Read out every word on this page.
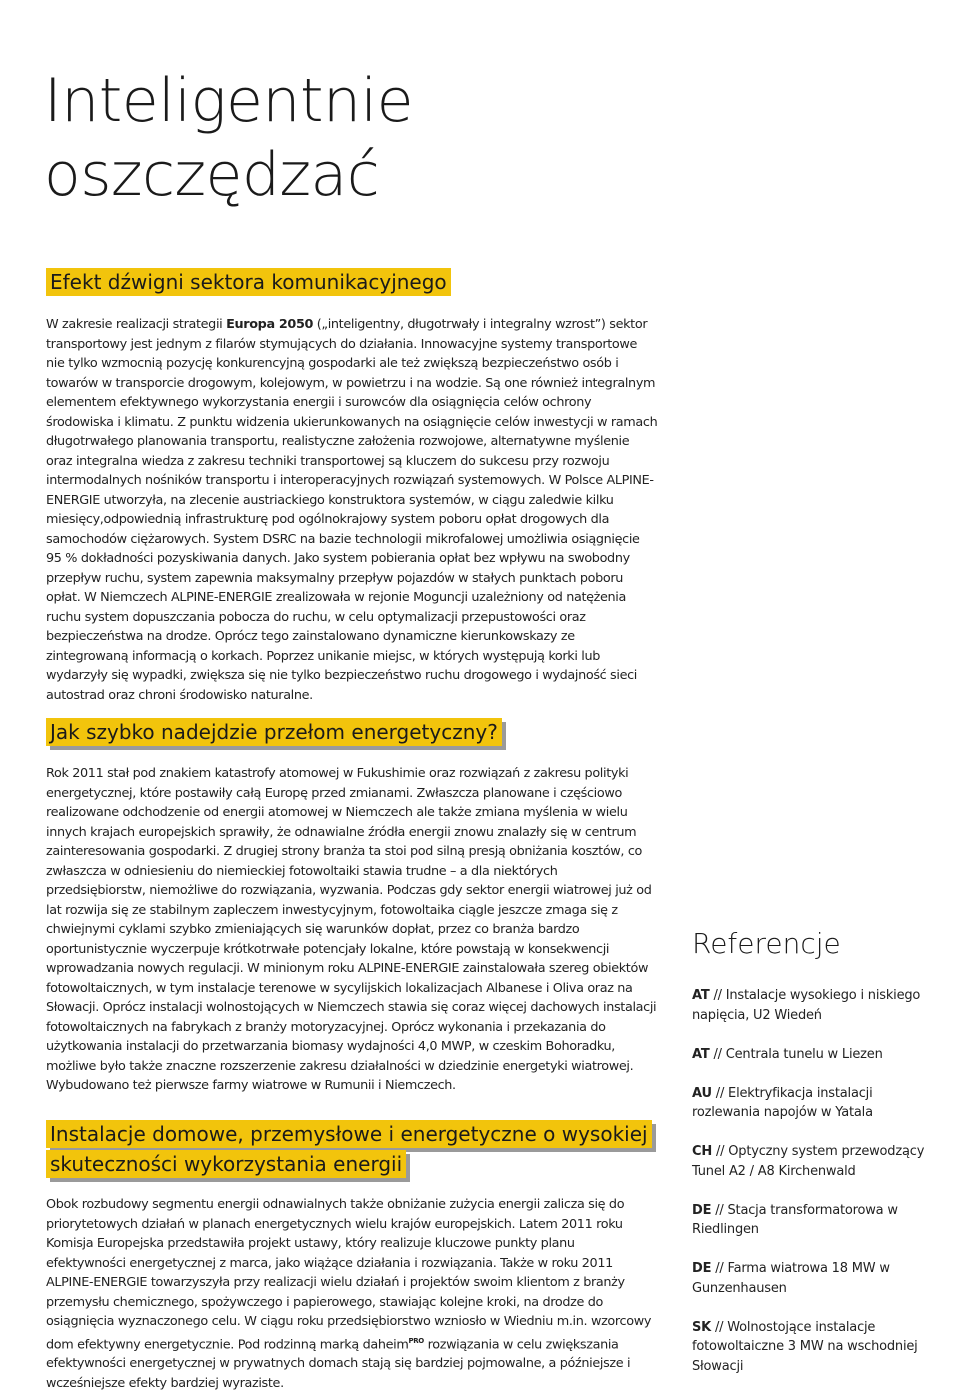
Inteligentnie
oszczędzać
Efekt dźwigni sektora komunikacyjnego

W zakresie realizacji strategii Europa 2050 („inteligentny, długotrwały i integralny wzrost”) sektor transportowy jest jednym z filarów stymujących do działania. Innowacyjne systemy transportowe nie tylko wzmocnią pozycję konkurencyjną gospodarki ale też zwiększą bezpieczeństwo osób i towarów w transporcie drogowym, kolejowym, w powietrzu i na wodzie. Są one również integralnym elementem efektywnego wykorzystania energii i surowców dla osiągnięcia celów ochrony środowiska i klimatu. Z punktu widzenia ukierunkowanych na osiągnięcie celów inwestycji w ramach długotrwałego planowania transportu, realistyczne założenia rozwojowe, alternatywne myślenie oraz integralna wiedza z zakresu techniki transportowej są kluczem do sukcesu przy rozwoju intermodalnych nośników transportu i interoperacyjnych rozwiązań systemowych. W Polsce ALPINE-ENERGIE utworzyła, na zlecenie austriackiego konstruktora systemów, w ciągu zaledwie kilku miesięcy,odpowiednią infrastrukturę pod ogólnokrajowy system poboru opłat drogowych dla samochodów ciężarowych. System DSRC na bazie technologii mikrofalowej umożliwia osiągnięcie 95 % dokładności pozyskiwania danych. Jako system pobierania opłat bez wpływu na swobodny przepływ ruchu, system zapewnia maksymalny przepływ pojazdów w stałych punktach poboru opłat. W Niemczech ALPINE-ENERGIE zrealizowała w rejonie Moguncji uzależniony od natężenia ruchu system dopuszczania pobocza do ruchu, w celu optymalizacji przepustowości oraz bezpieczeństwa na drodze. Oprócz tego zainstalowano dynamiczne kierunkowskazy ze zintegrowaną informacją o korkach. Poprzez unikanie miejsc, w których występują korki lub wydarzyły się wypadki, zwiększa się nie tylko bezpieczeństwo ruchu drogowego i wydajność sieci autostrad oraz chroni środowisko naturalne.

Jak szybko nadejdzie przełom energetyczny?

Rok 2011 stał pod znakiem katastrofy atomowej w Fukushimie oraz rozwiązań z zakresu polityki energetycznej, które postawiły całą Europę przed zmianami. Zwłaszcza planowane i częściowo realizowane odchodzenie od energii atomowej w Niemczech ale także zmiana myślenia w wielu innych krajach europejskich sprawiły, że odnawialne źródła energii znowu znalazły się w centrum zainteresowania gospodarki. Z drugiej strony branża ta stoi pod silną presją obniżania kosztów, co zwłaszcza w odniesieniu do niemieckiej fotowoltaiki stawia trudne – a dla niektórych przedsiębiorstw, niemożliwe do rozwiązania, wyzwania. Podczas gdy sektor energii wiatrowej już od lat rozwija się ze stabilnym zapleczem inwestycyjnym, fotowoltaika ciągle jeszcze zmaga się z chwiejnymi cyklami szybko zmieniających się warunków dopłat, przez co branża bardzo oportunistycznie wyczerpuje krótkotrwałe potencjały lokalne, które powstają w konsekwencji wprowadzania nowych regulacji. W minionym roku ALPINE-ENERGIE zainstalowała szereg obiektów fotowoltaicznych, w tym instalacje terenowe w sycylijskich lokalizacjach Albanese i Oliva oraz na Słowacji. Oprócz instalacji wolnostojących w Niemczech stawia się coraz więcej dachowych instalacji fotowoltaicznych na fabrykach z branży motoryzacyjnej. Oprócz wykonania i przekazania do użytkowania instalacji do przetwarzania biomasy wydajności 4,0 MWP, w czeskim Bohoradku, możliwe było także znaczne rozszerzenie zakresu działalności w dziedzinie energetyki wiatrowej. Wybudowano też pierwsze farmy wiatrowe w Rumunii i Niemczech.

Instalacje domowe, przemysłowe i energetyczne o wysokiej
skuteczności wykorzystania energii

Obok rozbudowy segmentu energii odnawialnych także obniżanie zużycia energii zalicza się do priorytetowych działań w planach energetycznych wielu krajów europejskich. Latem 2011 roku Komisja Europejska przedstawiła projekt ustawy, który realizuje kluczowe punkty planu efektywności energetycznej z marca, jako wiążące działania i rozwiązania. Także w roku 2011 ALPINE-ENERGIE towarzyszyła przy realizacji wielu działań i projektów swoim klientom z branży przemysłu chemicznego, spożywczego i papierowego, stawiając kolejne kroki, na drodze do osiągnięcia wyznaczonego celu. W ciągu roku przedsiębiorstwo wzniosło w Wiedniu m.in. wzorcowy dom efektywny energetycznie. Pod rodzinną marką daheim$^{PRO}$ rozwiązania w celu zwiększania efektywności energetycznej w prywatnych domach stają się bardziej pojmowalne, a późniejsze i wcześniejsze efekty bardziej wyraziste.

Referencje
AT // Instalacje wysokiego i niskiego napięcia, U2 Wiedeń
AT // Centrala tunelu w Liezen
AU // Elektryfikacja instalacji rozlewania napojów w Yatala
CH // Optyczny system przewodzący Tunel A2 / A8 Kirchenwald
DE // Stacja transformatorowa w Riedlingen
DE // Farma wiatrowa 18 MW w Gunzenhausen
SK // Wolnostojące instalacje fotowoltaiczne 3 MW na wschodniej Słowacji
